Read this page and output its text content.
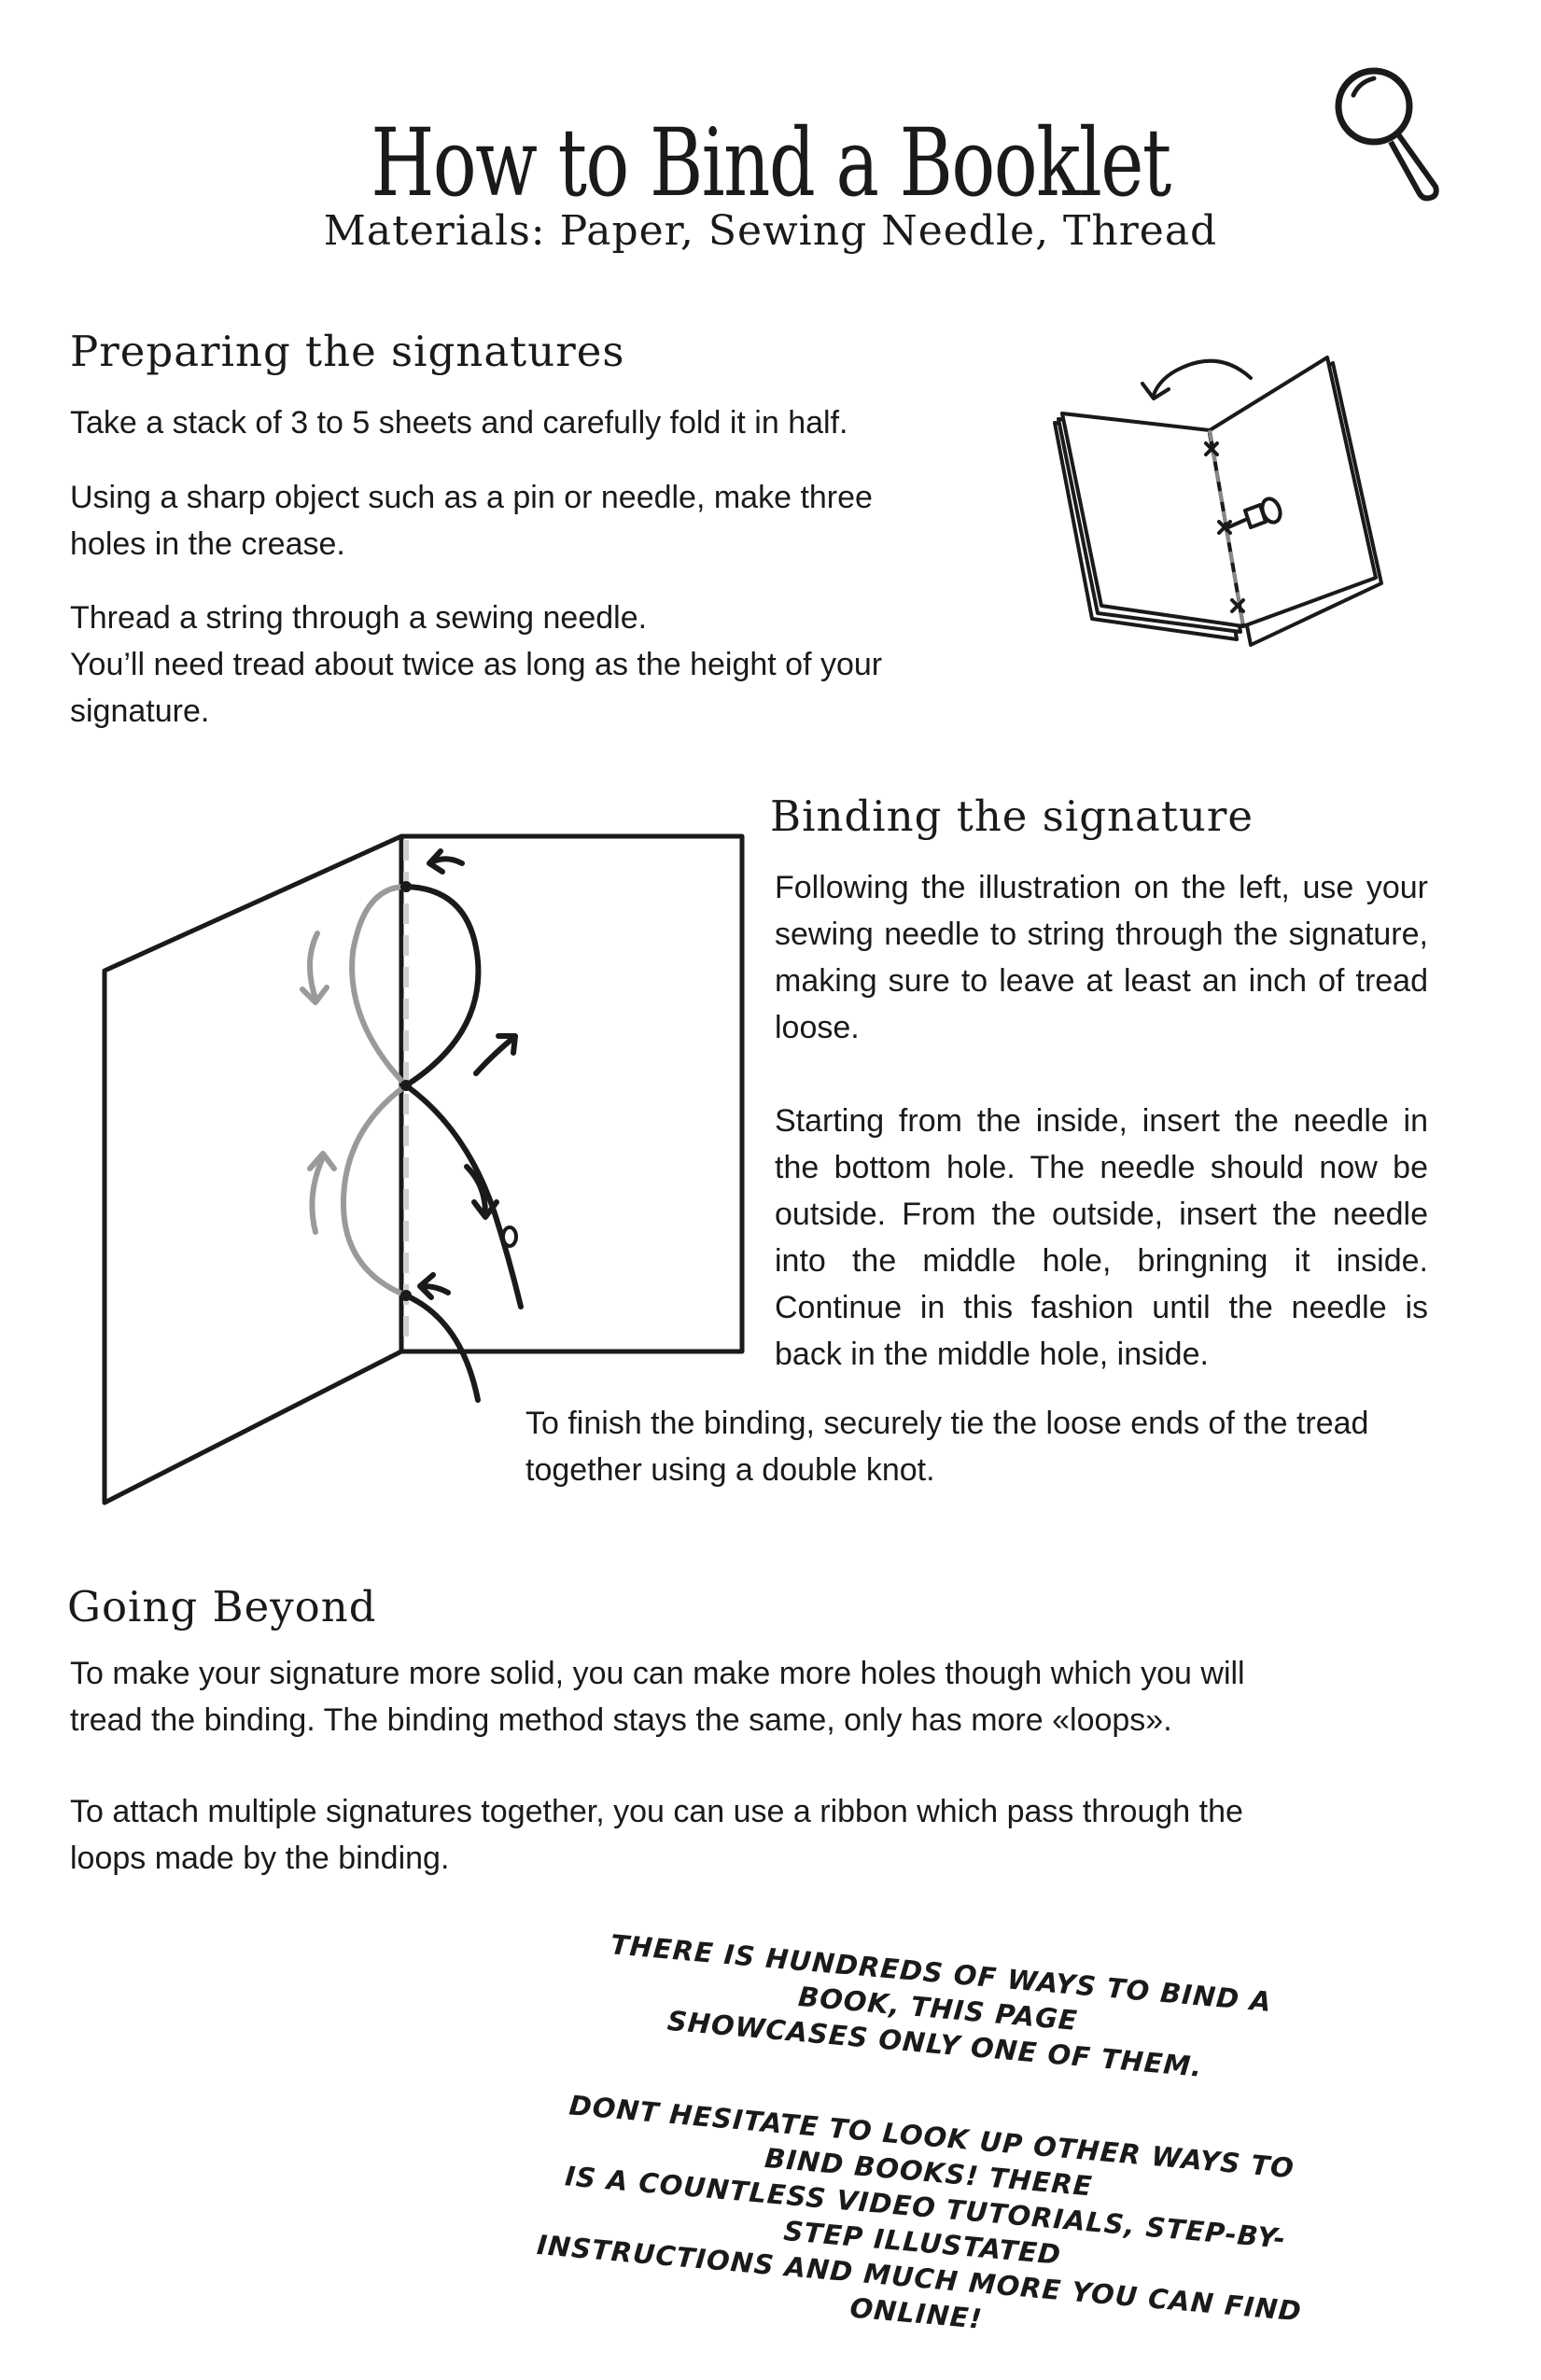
How to Bind a Booklet
Materials: Paper, Sewing Needle, Thread
Preparing the signatures

Take a stack of 3 to 5 sheets and carefully fold it in half.

Using a sharp object such as a pin or needle, make three
holes in the crease.

Thread a string through a sewing needle.
You’ll need tread about twice as long as the height of your
signature.

Binding the signature

Following the illustration on the left, use your sewing needle to string through the signature, making sure to leave at least an inch of tread loose.

Starting from the inside, insert the needle in the bottom hole. The needle should now be outside. From the outside, insert the needle into the middle hole, bringning it inside. Continue in this fashion until the needle is back in the middle hole, inside.

To finish the binding, securely tie the loose ends of the tread
together using a double knot.

Going Beyond

To make your signature more solid, you can make more holes though which you will
tread the binding. The binding method stays the same, only has more «loops».

To attach multiple signatures together, you can use a ribbon which pass through the
loops made by the binding.

THERE IS HUNDREDS OF WAYS TO BIND A BOOK, THIS PAGE
SHOWCASES ONLY ONE OF THEM.
DONT HESITATE TO LOOK UP OTHER WAYS TO BIND BOOKS! THERE
IS A COUNTLESS VIDEO TUTORIALS, STEP-BY-STEP ILLUSTATED
INSTRUCTIONS AND MUCH MORE YOU CAN FIND ONLINE!
